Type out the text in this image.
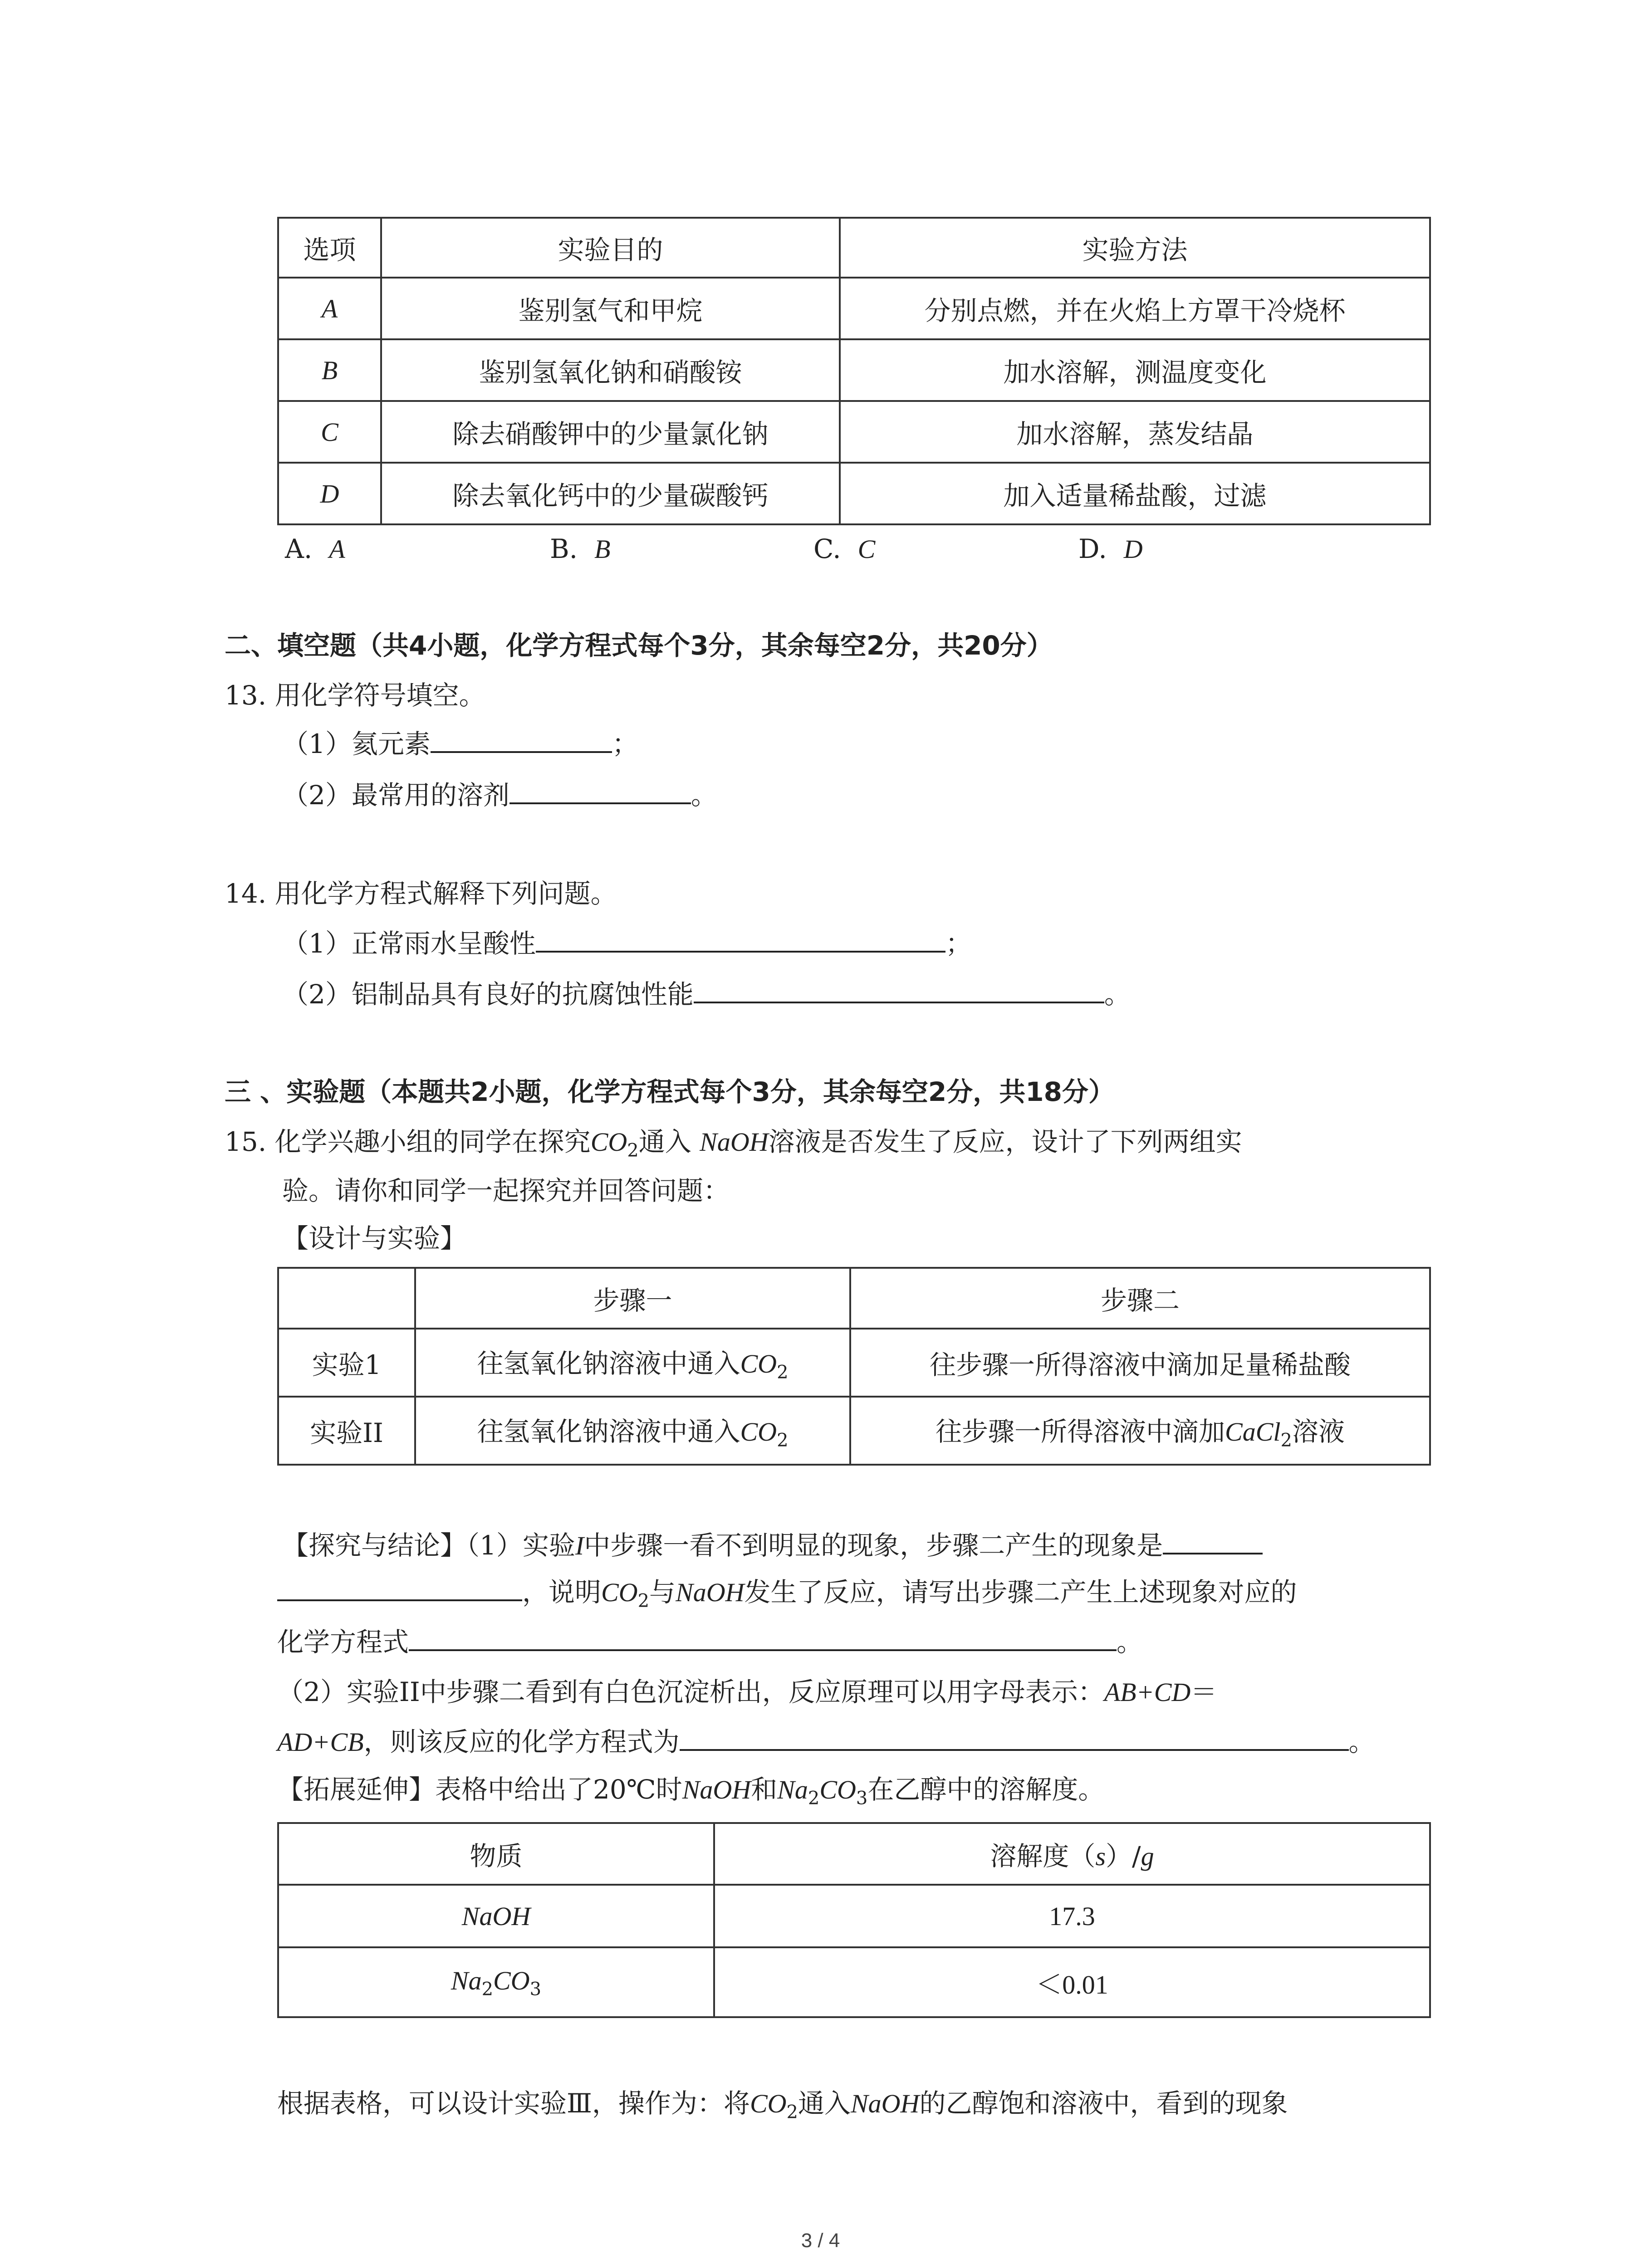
选项	实验目的	实验方法
A	鉴别氢气和甲烷	分别点燃，并在火焰上方罩干冷烧杯
B	鉴别氢氧化钠和硝酸铵	加水溶解，测温度变化
C	除去硝酸钾中的少量氯化钠	加水溶解，蒸发结晶
D	除去氧化钙中的少量碳酸钙	加入适量稀盐酸，过滤
A. A	B. B	C. C	D. D
二、填空题（共4小题，化学方程式每个3分，其余每空2分，共20分）
13. 用化学符号填空。
（1）氦元素	；
（2）最常用的溶剂	。
14. 用化学方程式解释下列问题。
（1）正常雨水呈酸性	；
（2）铝制品具有良好的抗腐蚀性能	。
三 、实验题（本题共2小题，化学方程式每个3分，其余每空2分，共18分）
15. 化学兴趣小组的同学在探究$CO_2$通入 NaOH溶液是否发生了反应，设计了下列两组实
验。请你和同学一起探究并回答问题：
【设计与实验】
	步骤一	步骤二
实验1	往氢氧化钠溶液中通入$CO_2$	往步骤一所得溶液中滴加足量稀盐酸
实验II	往氢氧化钠溶液中通入$CO_2$	往步骤一所得溶液中滴加CaCl$_2$溶液
【探究与结论】（1）实验I中步骤一看不到明显的现象，步骤二产生的现象是
，说明$CO_2$与NaOH发生了反应，请写出步骤二产生上述现象对应的
化学方程式	。
（2）实验II中步骤二看到有白色沉淀析出，反应原理可以用字母表示：AB+CD＝
AD+CB，则该反应的化学方程式为	。
【拓展延伸】表格中给出了20℃时NaOH和$Na_2CO_3$在乙醇中的溶解度。
物质	溶解度（s）/g
NaOH	17.3
$Na_2CO_3$	＜0.01
根据表格，可以设计实验Ⅲ，操作为：将$CO_2$通入NaOH的乙醇饱和溶液中，看到的现象
3 / 4
